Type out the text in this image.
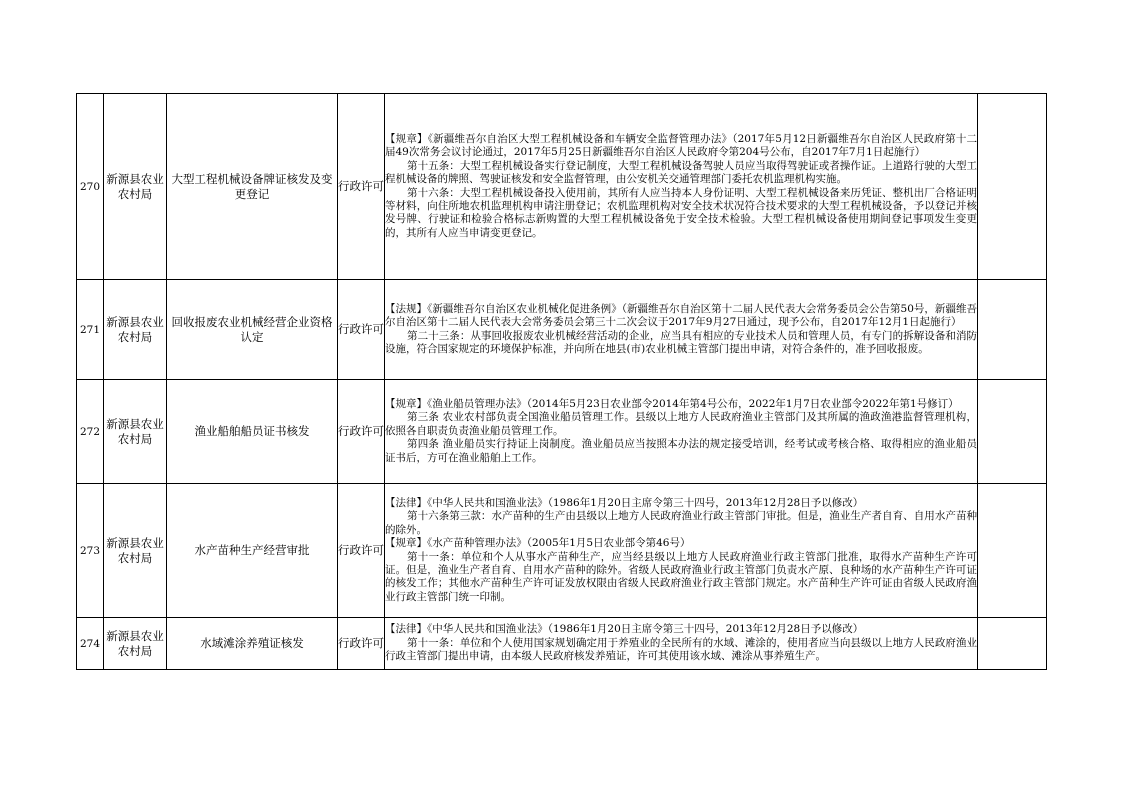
270	新源县农业农村局	大型工程机械设备牌证核发及变更登记	行政许可	【规章】《新疆维吾尔自治区大型工程机械设备和车辆安全监督管理办法》（2017年5月12日新疆维吾尔自治区人民政府第十二届49次常务会议讨论通过，2017年5月25日新疆维吾尔自治区人民政府令第204号公布，自2017年7月1日起施行）

第十五条：大型工程机械设备实行登记制度，大型工程机械设备驾驶人员应当取得驾驶证或者操作证。上道路行驶的大型工程机械设备的牌照、驾驶证核发和安全监督管理，由公安机关交通管理部门委托农机监理机构实施。

第十六条：大型工程机械设备投入使用前，其所有人应当持本人身份证明、大型工程机械设备来历凭证、整机出厂合格证明等材料，向住所地农机监理机构申请注册登记；农机监理机构对安全技术状况符合技术要求的大型工程机械设备，予以登记并核发号牌、行驶证和检验合格标志新购置的大型工程机械设备免于安全技术检验。大型工程机械设备使用期间登记事项发生变更的，其所有人应当申请变更登记。	

271	新源县农业农村局	回收报废农业机械经营企业资格认定	行政许可	【法规】《新疆维吾尔自治区农业机械化促进条例》（新疆维吾尔自治区第十二届人民代表大会常务委员会公告第50号，新疆维吾尔自治区第十二届人民代表大会常务委员会第三十二次会议于2017年9月27日通过，现予公布，自2017年12月1日起施行）

第二十三条：从事回收报废农业机械经营活动的企业，应当具有相应的专业技术人员和管理人员，有专门的拆解设备和消防设施，符合国家规定的环境保护标准，并向所在地县(市)农业机械主管部门提出申请，对符合条件的，准予回收报废。	

272	新源县农业农村局	渔业船舶船员证书核发	行政许可	【规章】《渔业船员管理办法》（2014年5月23日农业部令2014年第4号公布，2022年1月7日农业部令2022年第1号修订）

第三条 农业农村部负责全国渔业船员管理工作。县级以上地方人民政府渔业主管部门及其所属的渔政渔港监督管理机构，依照各自职责负责渔业船员管理工作。

第四条 渔业船员实行持证上岗制度。渔业船员应当按照本办法的规定接受培训，经考试或考核合格、取得相应的渔业船员证书后，方可在渔业船舶上工作。	

273	新源县农业农村局	水产苗种生产经营审批	行政许可	【法律】《中华人民共和国渔业法》（1986年1月20日主席令第三十四号，2013年12月28日予以修改）

第十六条第三款：水产苗种的生产由县级以上地方人民政府渔业行政主管部门审批。但是，渔业生产者自育、自用水产苗种的除外。

【规章】《水产苗种管理办法》（2005年1月5日农业部令第46号）

第十一条：单位和个人从事水产苗种生产，应当经县级以上地方人民政府渔业行政主管部门批准，取得水产苗种生产许可证。但是，渔业生产者自育、自用水产苗种的除外。省级人民政府渔业行政主管部门负责水产原、良种场的水产苗种生产许可证的核发工作；其他水产苗种生产许可证发放权限由省级人民政府渔业行政主管部门规定。水产苗种生产许可证由省级人民政府渔业行政主管部门统一印制。	

274	新源县农业农村局	水域滩涂养殖证核发	行政许可	【法律】《中华人民共和国渔业法》（1986年1月20日主席令第三十四号，2013年12月28日予以修改）

第十一条：单位和个人使用国家规划确定用于养殖业的全民所有的水域、滩涂的，使用者应当向县级以上地方人民政府渔业行政主管部门提出申请，由本级人民政府核发养殖证，许可其使用该水域、滩涂从事养殖生产。	
